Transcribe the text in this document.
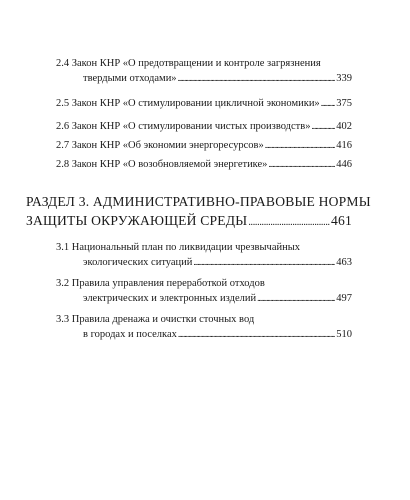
2.4 Закон КНР «О предотвращении и контроле загрязнения
твердыми отходами» . . .	339
2.5 Закон КНР «О стимулировании цикличной экономики» . . . 375
2.6 Закон КНР «О стимулировании чистых производств» . . . 402
2.7 Закон КНР «Об экономии энергоресурсов» . . .	416
2.8 Закон КНР «О возобновляемой энергетике» . . .	446
РАЗДЕЛ 3. АДМИНИСТРАТИВНО-ПРАВОВЫЕ НОРМЫ
ЗАЩИТЫ ОКРУЖАЮЩЕЙ СРЕДЫ . . .	461
3.1 Национальный план по ликвидации чрезвычайных
экологических ситуаций . . .	463
3.2 Правила управления переработкой отходов
электрических и электронных изделий . . .	497
3.3 Правила дренажа и очистки сточных вод
в городах и поселках . . .	510
